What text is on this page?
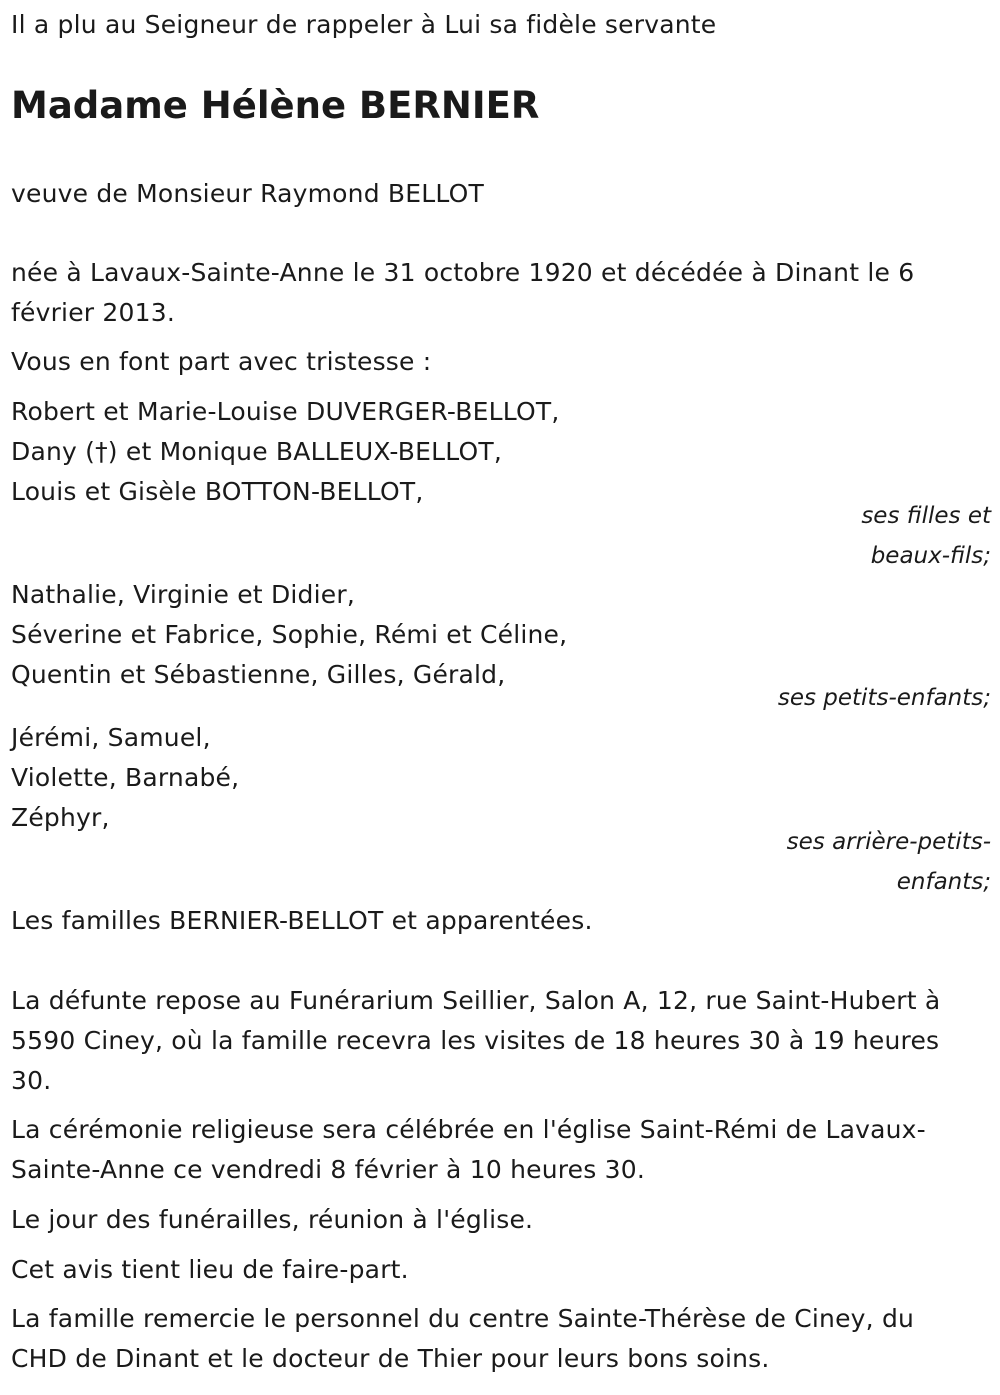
Il a plu au Seigneur de rappeler à Lui sa fidèle servante
Madame Hélène BERNIER
veuve de Monsieur Raymond BELLOT
née à Lavaux-Sainte-Anne le 31 octobre 1920 et décédée à Dinant le 6 février 2013.
Vous en font part avec tristesse :
Robert et Marie-Louise DUVERGER-BELLOT,
Dany (†) et Monique BALLEUX-BELLOT,
Louis et Gisèle BOTTON-BELLOT,
ses filles et
beaux-fils;
Nathalie, Virginie et Didier,
Séverine et Fabrice, Sophie, Rémi et Céline,
Quentin et Sébastienne, Gilles, Gérald,
ses petits-enfants;
Jérémi, Samuel,
Violette, Barnabé,
Zéphyr,
ses arrière-petits-
enfants;
Les familles BERNIER-BELLOT et apparentées.
La défunte repose au Funérarium Seillier, Salon A, 12, rue Saint-Hubert à 5590 Ciney, où la famille recevra les visites de 18 heures 30 à 19 heures 30.
La cérémonie religieuse sera célébrée en l'église Saint-Rémi de Lavaux-Sainte-Anne ce vendredi 8 février à 10 heures 30.
Le jour des funérailles, réunion à l'église.
Cet avis tient lieu de faire-part.
La famille remercie le personnel du centre Sainte-Thérèse de Ciney, du CHD de Dinant et le docteur de Thier pour leurs bons soins.
